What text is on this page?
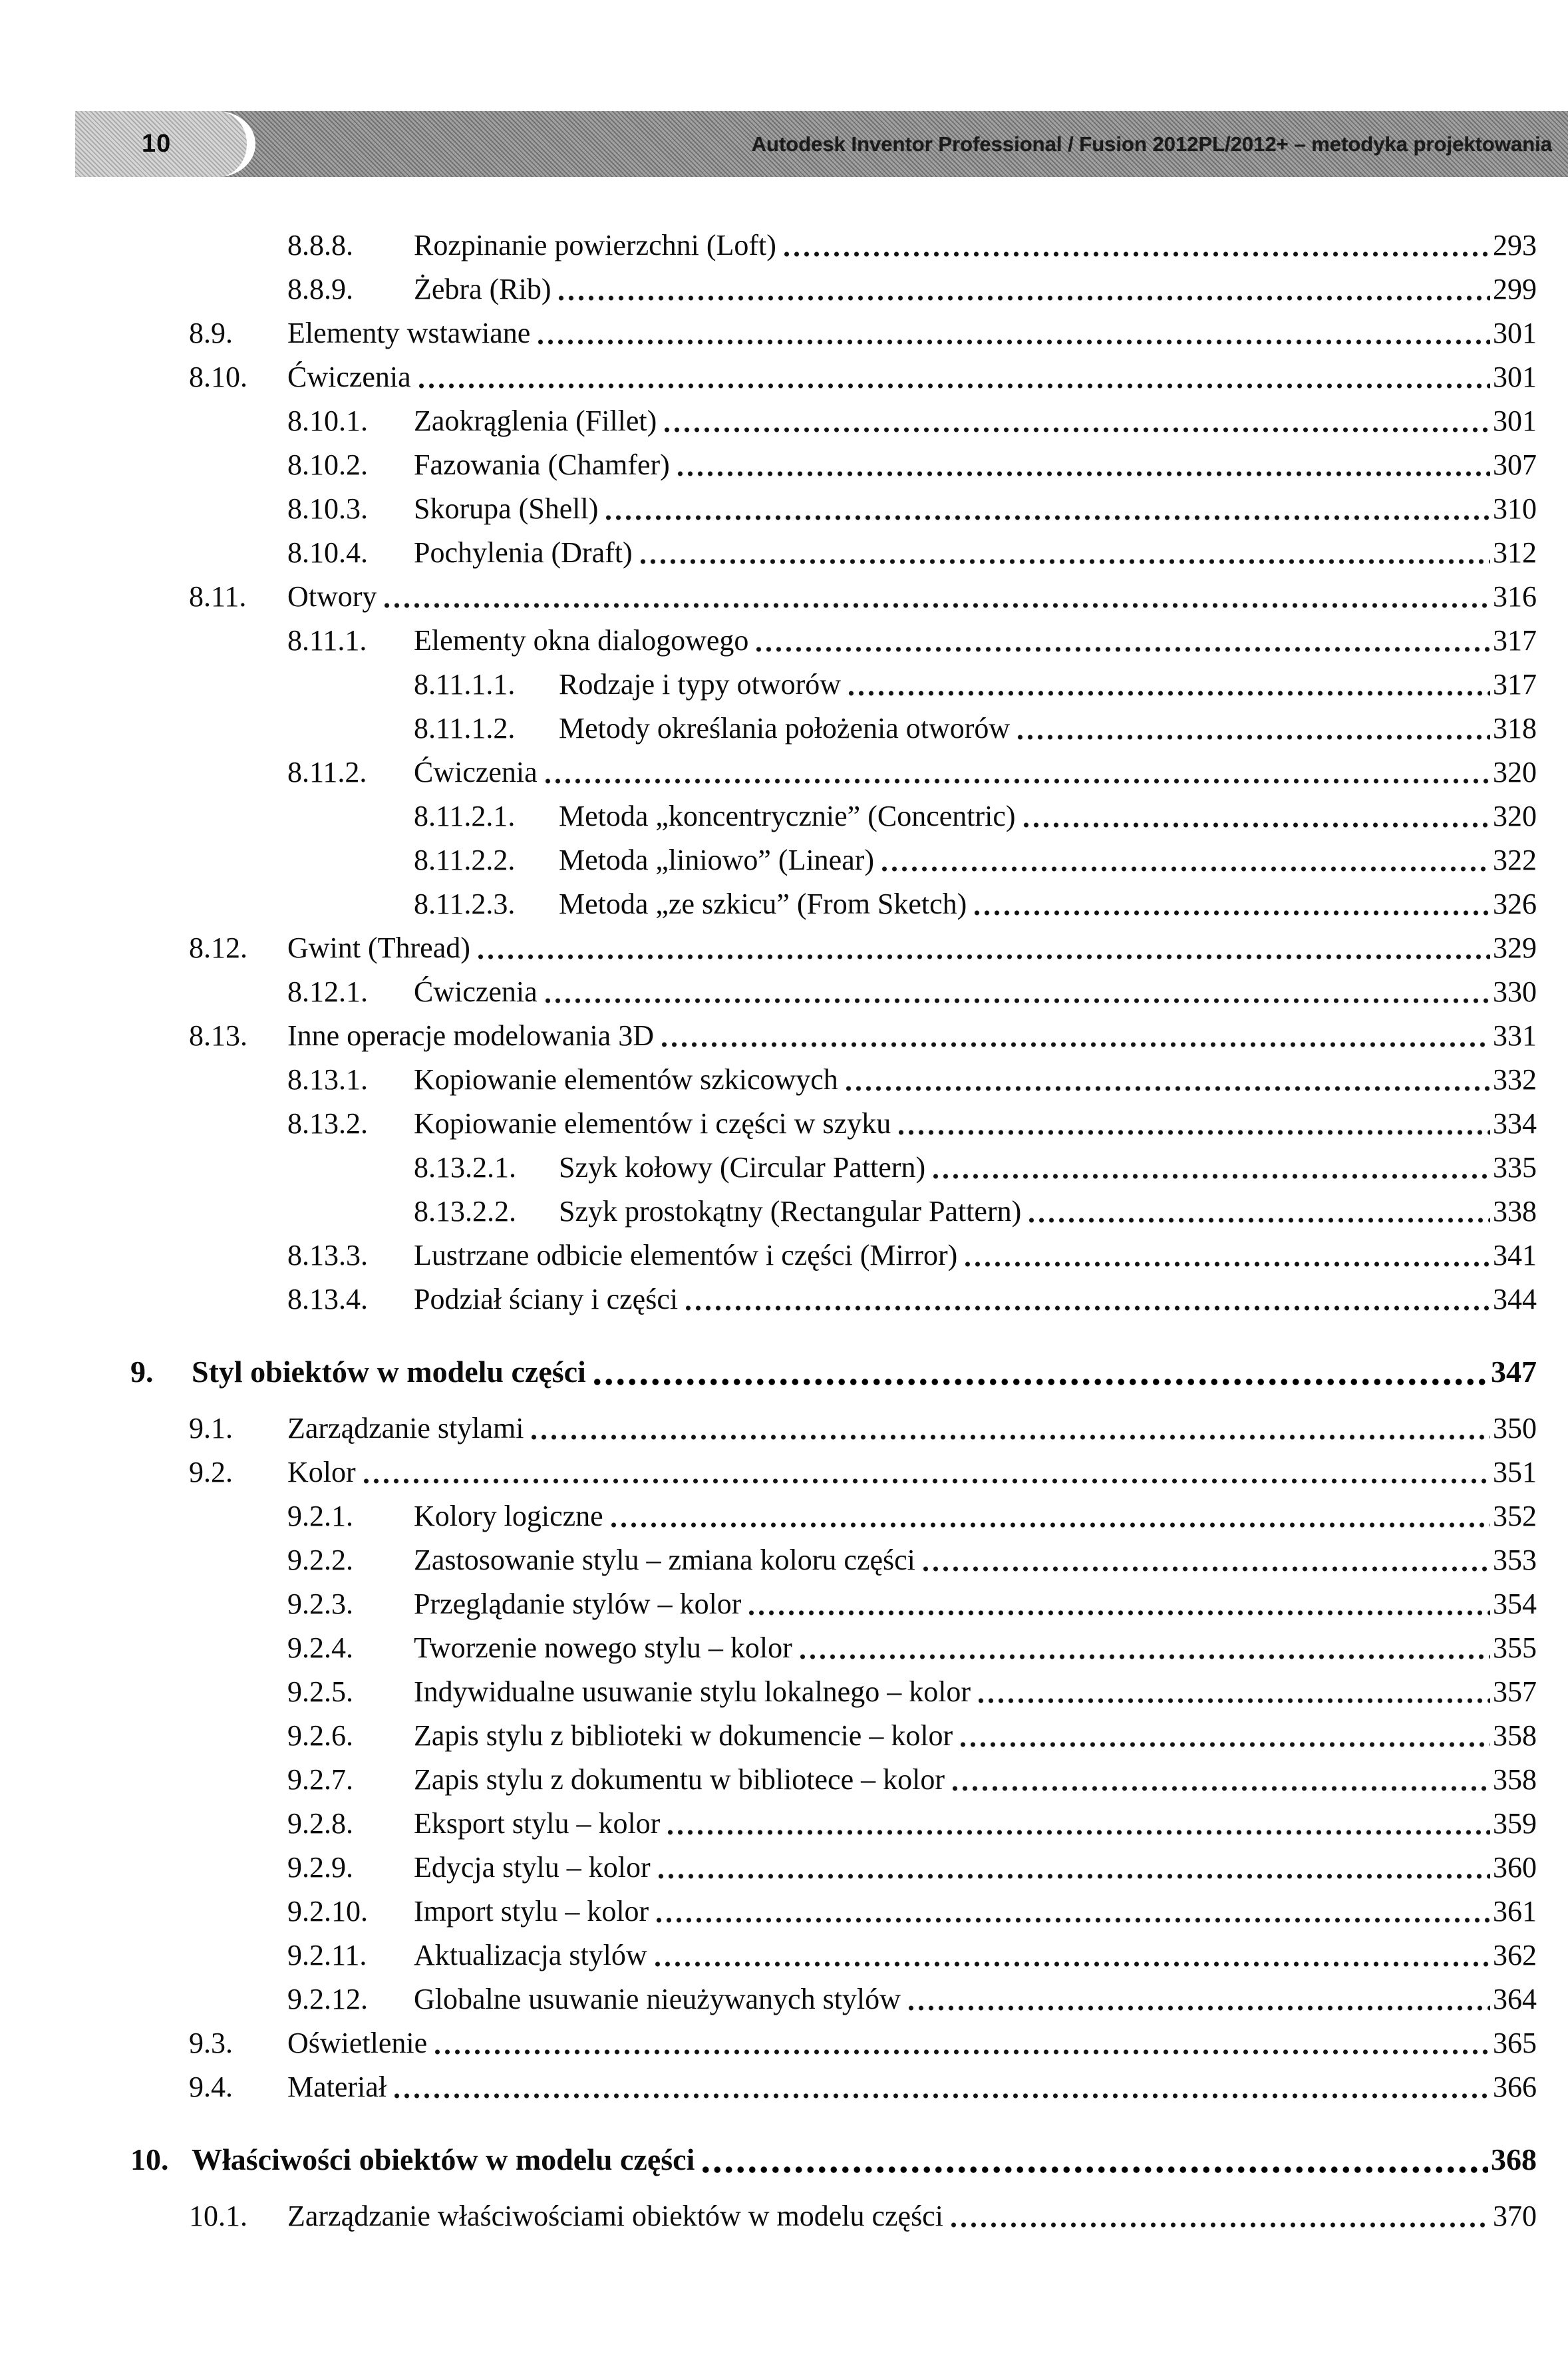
10	Autodesk Inventor Professional / Fusion 2012PL/2012+ – metodyka projektowania
8.8.8.	Rozpinanie powierzchni (Loft)	293
8.8.9.	Żebra (Rib)	299
8.9.	Elementy wstawiane	301
8.10.	Ćwiczenia	301
8.10.1.	Zaokrąglenia (Fillet)	301
8.10.2.	Fazowania (Chamfer)	307
8.10.3.	Skorupa (Shell)	310
8.10.4.	Pochylenia (Draft)	312
8.11.	Otwory	316
8.11.1.	Elementy okna dialogowego	317
8.11.1.1.	Rodzaje i typy otworów	317
8.11.1.2.	Metody określania położenia otworów	318
8.11.2.	Ćwiczenia	320
8.11.2.1.	Metoda „koncentrycznie” (Concentric)	320
8.11.2.2.	Metoda „liniowo” (Linear)	322
8.11.2.3.	Metoda „ze szkicu” (From Sketch)	326
8.12.	Gwint (Thread)	329
8.12.1.	Ćwiczenia	330
8.13.	Inne operacje modelowania 3D	331
8.13.1.	Kopiowanie elementów szkicowych	332
8.13.2.	Kopiowanie elementów i części w szyku	334
8.13.2.1.	Szyk kołowy (Circular Pattern)	335
8.13.2.2.	Szyk prostokątny (Rectangular Pattern)	338
8.13.3.	Lustrzane odbicie elementów i części (Mirror)	341
8.13.4.	Podział ściany i części	344
9.	Styl obiektów w modelu części	347
9.1.	Zarządzanie stylami	350
9.2.	Kolor	351
9.2.1.	Kolory logiczne	352
9.2.2.	Zastosowanie stylu – zmiana koloru części	353
9.2.3.	Przeglądanie stylów – kolor	354
9.2.4.	Tworzenie nowego stylu – kolor	355
9.2.5.	Indywidualne usuwanie stylu lokalnego – kolor	357
9.2.6.	Zapis stylu z biblioteki w dokumencie – kolor	358
9.2.7.	Zapis stylu z dokumentu w bibliotece – kolor	358
9.2.8.	Eksport stylu – kolor	359
9.2.9.	Edycja stylu – kolor	360
9.2.10.	Import stylu – kolor	361
9.2.11.	Aktualizacja stylów	362
9.2.12.	Globalne usuwanie nieużywanych stylów	364
9.3.	Oświetlenie	365
9.4.	Materiał	366
10. Właściwości obiektów w modelu części	368
10.1.	Zarządzanie właściwościami obiektów w modelu części	370
